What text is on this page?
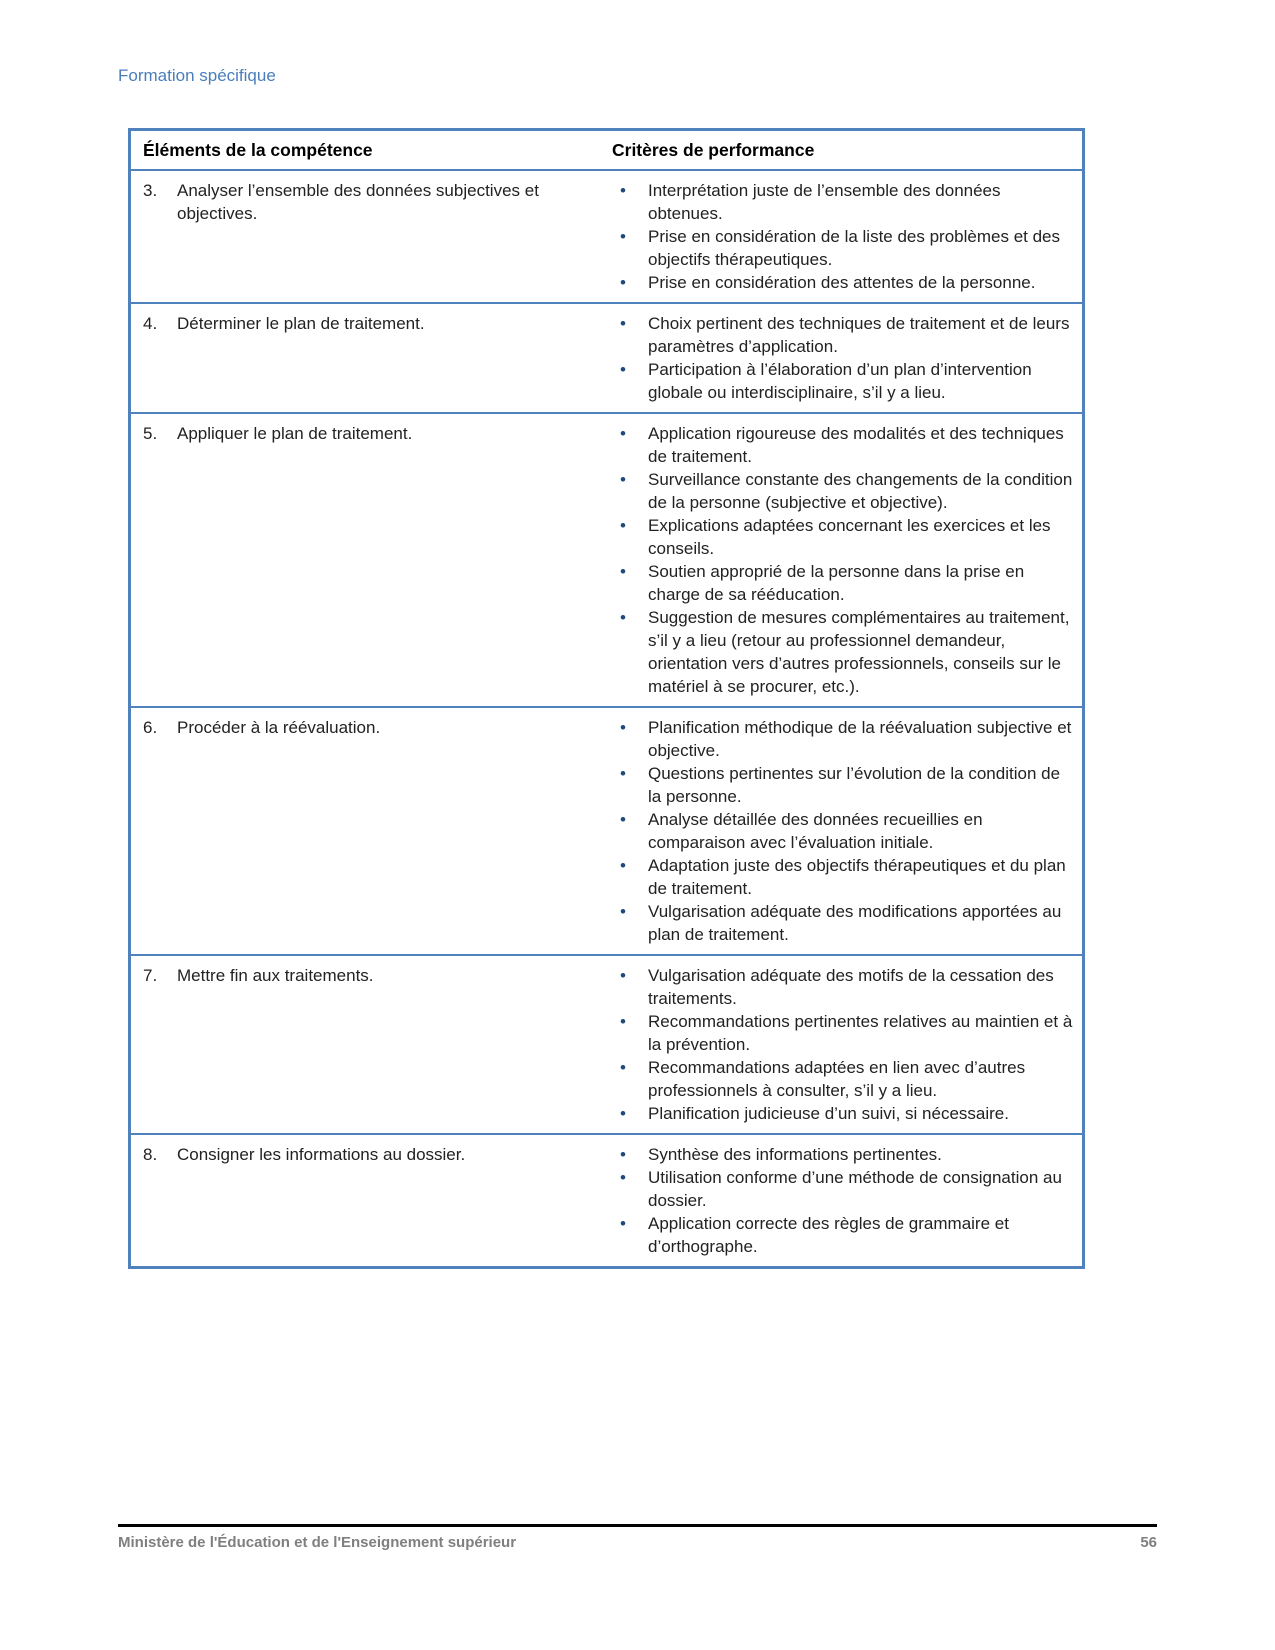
Formation spécifique
Éléments de la compétence	Critères de performance
3.	Analyser l’ensemble des données subjectives et objectives.
•	Interprétation juste de l’ensemble des données obtenues.
•	Prise en considération de la liste des problèmes et des objectifs thérapeutiques.
•	Prise en considération des attentes de la personne.
4.	Déterminer le plan de traitement.	•	Choix pertinent des techniques de traitement et de leurs paramètres d’application.
•	Participation à l’élaboration d’un plan d’intervention globale ou interdisciplinaire, s’il y a lieu.
5.	Appliquer le plan de traitement.	•	Application rigoureuse des modalités et des techniques de traitement.
•	Surveillance constante des changements de la condition de la personne (subjective et objective).
•	Explications adaptées concernant les exercices et les conseils.
•	Soutien approprié de la personne dans la prise en charge de sa rééducation.
•	Suggestion de mesures complémentaires au traitement, s’il y a lieu (retour au professionnel demandeur, orientation vers d’autres professionnels, conseils sur le matériel à se procurer, etc.).
6.	Procéder à la réévaluation.	•	Planification méthodique de la réévaluation subjective et objective.
•	Questions pertinentes sur l’évolution de la condition de la personne.
•	Analyse détaillée des données recueillies en comparaison avec l’évaluation initiale.
•	Adaptation juste des objectifs thérapeutiques et du plan de traitement.
•	Vulgarisation adéquate des modifications apportées au plan de traitement.
7.	Mettre fin aux traitements.	•	Vulgarisation adéquate des motifs de la cessation des traitements.
•	Recommandations pertinentes relatives au maintien et à la prévention.
•	Recommandations adaptées en lien avec d’autres professionnels à consulter, s’il y a lieu.
•	Planification judicieuse d’un suivi, si nécessaire.
8.	Consigner les informations au dossier.	•	Synthèse des informations pertinentes.
•	Utilisation conforme d’une méthode de consignation au dossier.
•	Application correcte des règles de grammaire et d’orthographe.
Ministère de l'Éducation et de l'Enseignement supérieur	56
